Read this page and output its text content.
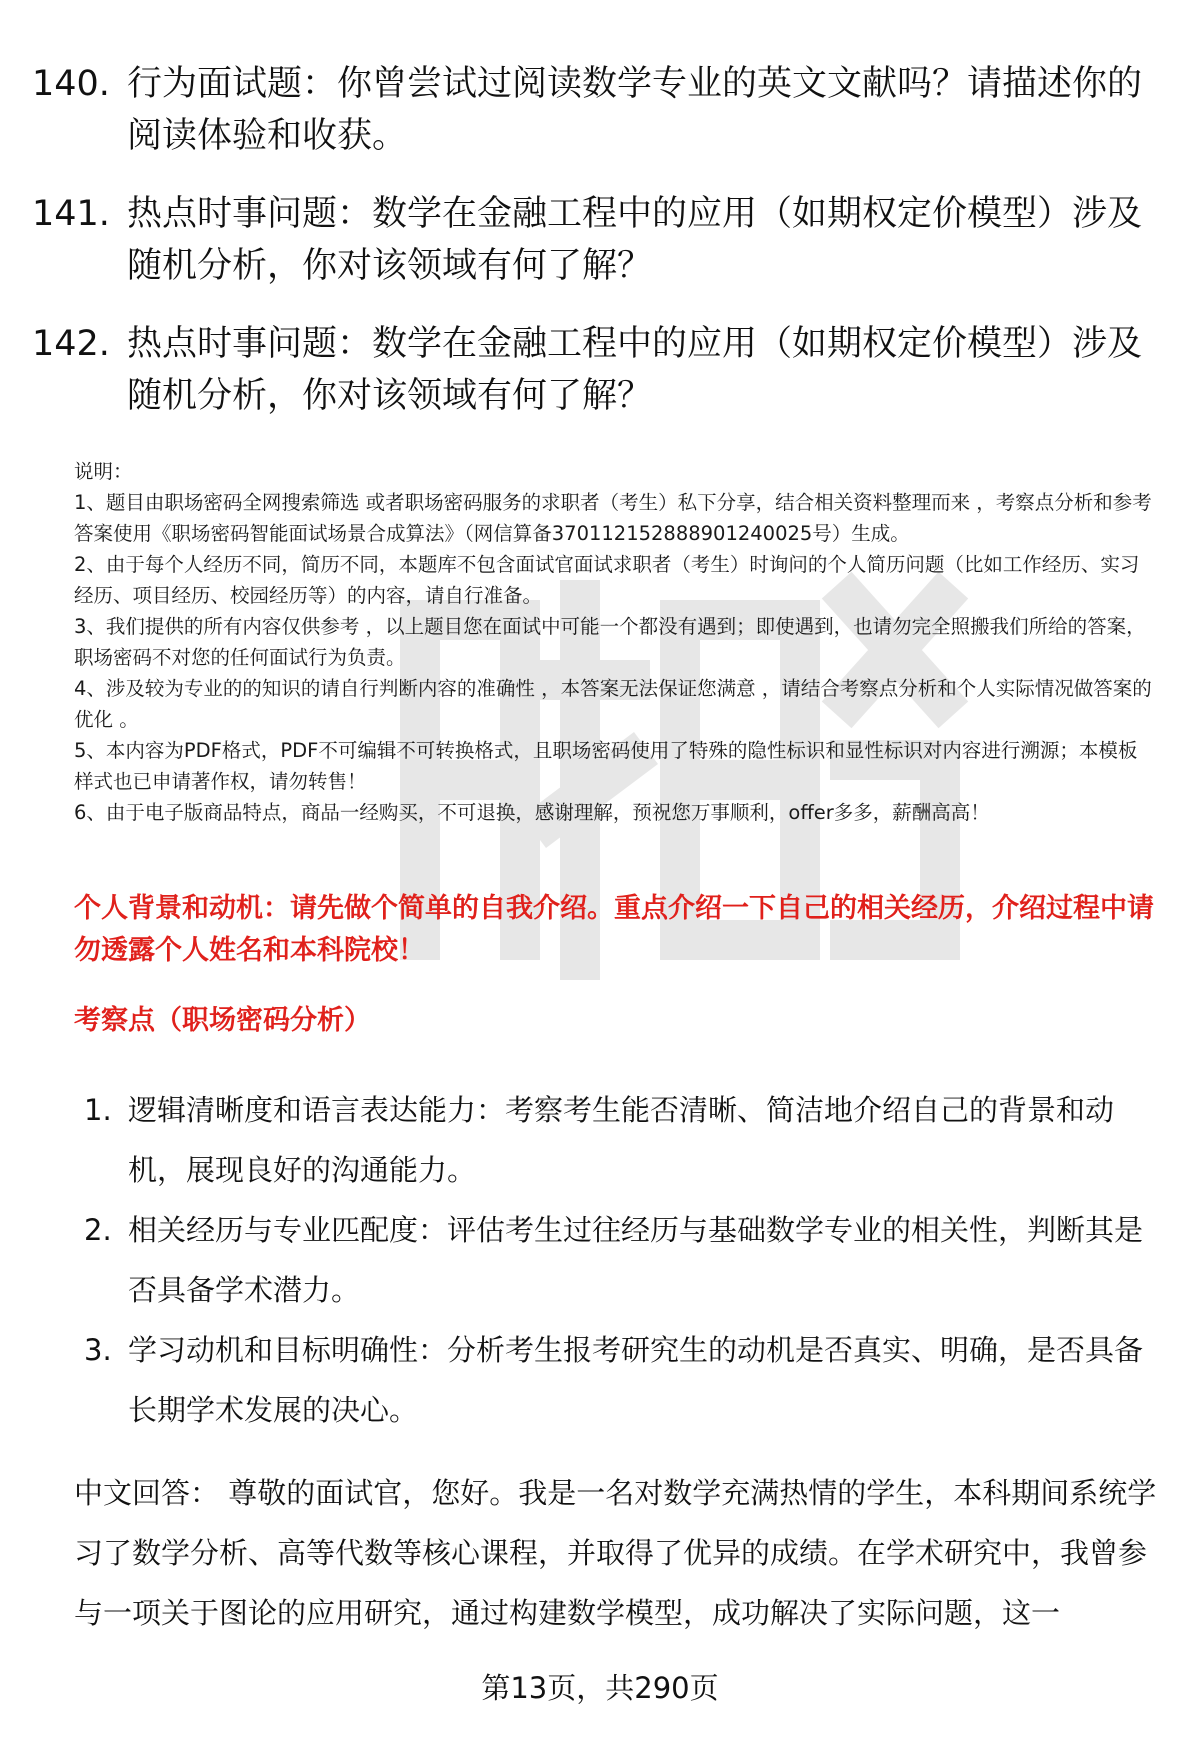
140. 行为面试题：你曾尝试过阅读数学专业的英文文献吗？请描述你的阅读体验和收获。
141. 热点时事问题：数学在金融工程中的应用（如期权定价模型）涉及随机分析，你对该领域有何了解？
142. 热点时事问题：数学在金融工程中的应用（如期权定价模型）涉及随机分析，你对该领域有何了解？

说明：

1、题目由职场密码全网搜索筛选 或者职场密码服务的求职者（考生）私下分享，结合相关资料整理而来 ，考察点分析和参考答案使用《职场密码智能面试场景合成算法》（网信算备370112152888901240025号）生成。

2、由于每个人经历不同，简历不同，本题库不包含面试官面试求职者（考生）时询问的个人简历问题（比如工作经历、实习经历、项目经历、校园经历等）的内容，请自行准备。

3、我们提供的所有内容仅供参考 ，以上题目您在面试中可能一个都没有遇到；即使遇到，也请勿完全照搬我们所给的答案，职场密码不对您的任何面试行为负责。

4、涉及较为专业的的知识的请自行判断内容的准确性 ，本答案无法保证您满意 ，请结合考察点分析和个人实际情况做答案的优化 。

5、本内容为PDF格式，PDF不可编辑不可转换格式，且职场密码使用了特殊的隐性标识和显性标识对内容进行溯源；本模板样式也已申请著作权，请勿转售！

6、由于电子版商品特点，商品一经购买，不可退换，感谢理解，预祝您万事顺利，offer多多，薪酬高高！

个人背景和动机：请先做个简单的自我介绍。重点介绍一下自己的相关经历，介绍过程中请勿透露个人姓名和本科院校！
考察点（职场密码分析）
1. 逻辑清晰度和语言表达能力：考察考生能否清晰、简洁地介绍自己的背景和动机，展现良好的沟通能力。
2. 相关经历与专业匹配度：评估考生过往经历与基础数学专业的相关性，判断其是否具备学术潜力。
3. 学习动机和目标明确性：分析考生报考研究生的动机是否真实、明确，是否具备长期学术发展的决心。
中文回答： 尊敬的面试官，您好。我是一名对数学充满热情的学生，本科期间系统学习了数学分析、高等代数等核心课程，并取得了优异的成绩。在学术研究中，我曾参与一项关于图论的应用研究，通过构建数学模型，成功解决了实际问题，这一
第13页，共290页
